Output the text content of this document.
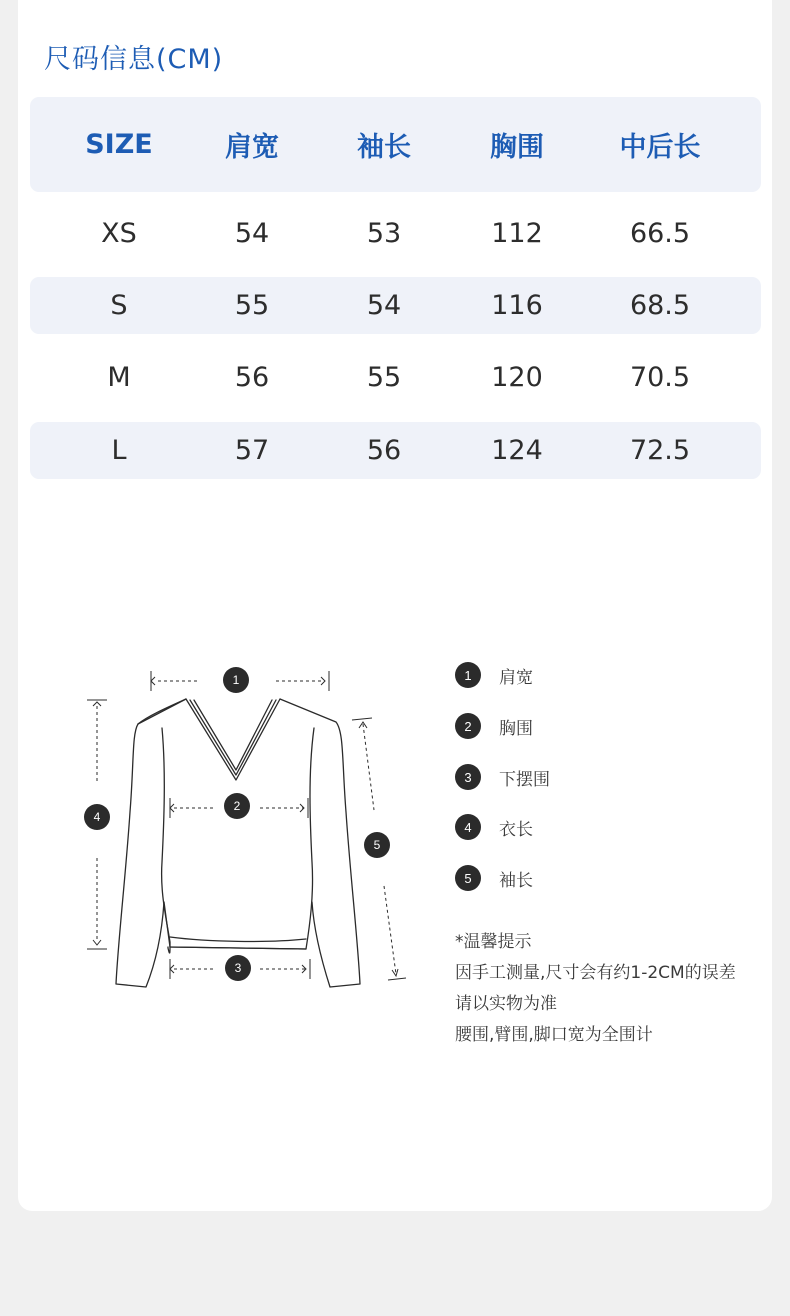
尺码信息(CM)
SIZE	肩宽	袖长	胸围	中后长
XS	54	53	112	66.5
S	55	54	116	68.5
M	56	55	120	70.5
L	57	56	124	72.5
1
2
3
4
5
1	肩宽
2	胸围
3	下摆围
4	衣长
5	袖长
*温馨提示
因手工测量,尺寸会有约1-2CM的误差
请以实物为准
腰围,臂围,脚口宽为全围计
